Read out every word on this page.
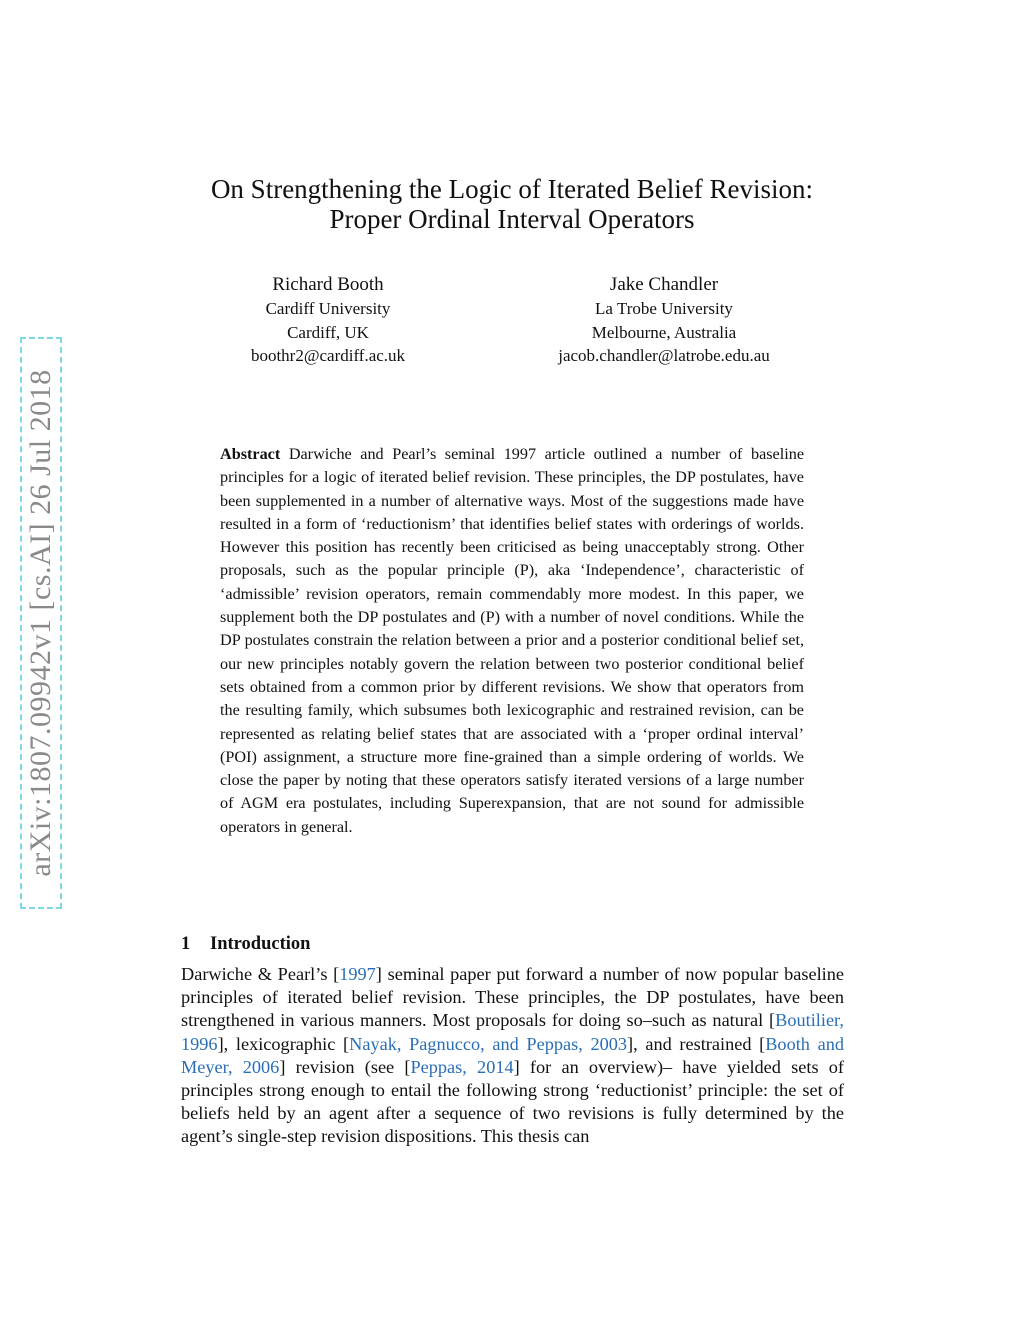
arXiv:1807.09942v1 [cs.AI] 26 Jul 2018
On Strengthening the Logic of Iterated Belief Revision:
Proper Ordinal Interval Operators
Richard Booth
Cardiff University
Cardiff, UK
boothr2@cardiff.ac.uk
Jake Chandler
La Trobe University
Melbourne, Australia
jacob.chandler@latrobe.edu.au
Abstract Darwiche and Pearl’s seminal 1997 article outlined a number of baseline principles for a logic of iterated belief revision. These principles, the DP postulates, have been supplemented in a number of alternative ways. Most of the suggestions made have resulted in a form of ‘reductionism’ that identifies belief states with orderings of worlds. However this position has recently been criticised as being unacceptably strong. Other proposals, such as the popular principle (P), aka ‘Independence’, characteristic of ‘admissible’ revision operators, remain commendably more modest. In this paper, we supplement both the DP postulates and (P) with a number of novel conditions. While the DP postulates constrain the relation between a prior and a posterior conditional belief set, our new principles notably govern the relation between two posterior conditional belief sets obtained from a common prior by different revisions. We show that operators from the resulting family, which subsumes both lexicographic and restrained revision, can be represented as relating belief states that are associated with a ‘proper ordinal interval’ (POI) assignment, a structure more fine-grained than a simple ordering of worlds. We close the paper by noting that these operators satisfy iterated versions of a large number of AGM era postulates, including Superexpansion, that are not sound for admissible operators in general.
1 Introduction
Darwiche & Pearl’s [1997] seminal paper put forward a number of now popular baseline principles of iterated belief revision. These principles, the DP postulates, have been strengthened in various manners. Most proposals for doing so–such as natural [Boutilier, 1996], lexicographic [Nayak, Pagnucco, and Peppas, 2003], and restrained [Booth and Meyer, 2006] revision (see [Peppas, 2014] for an overview)– have yielded sets of principles strong enough to entail the following strong ‘reductionist’ principle: the set of beliefs held by an agent after a sequence of two revisions is fully determined by the agent’s single-step revision dispositions. This thesis can
